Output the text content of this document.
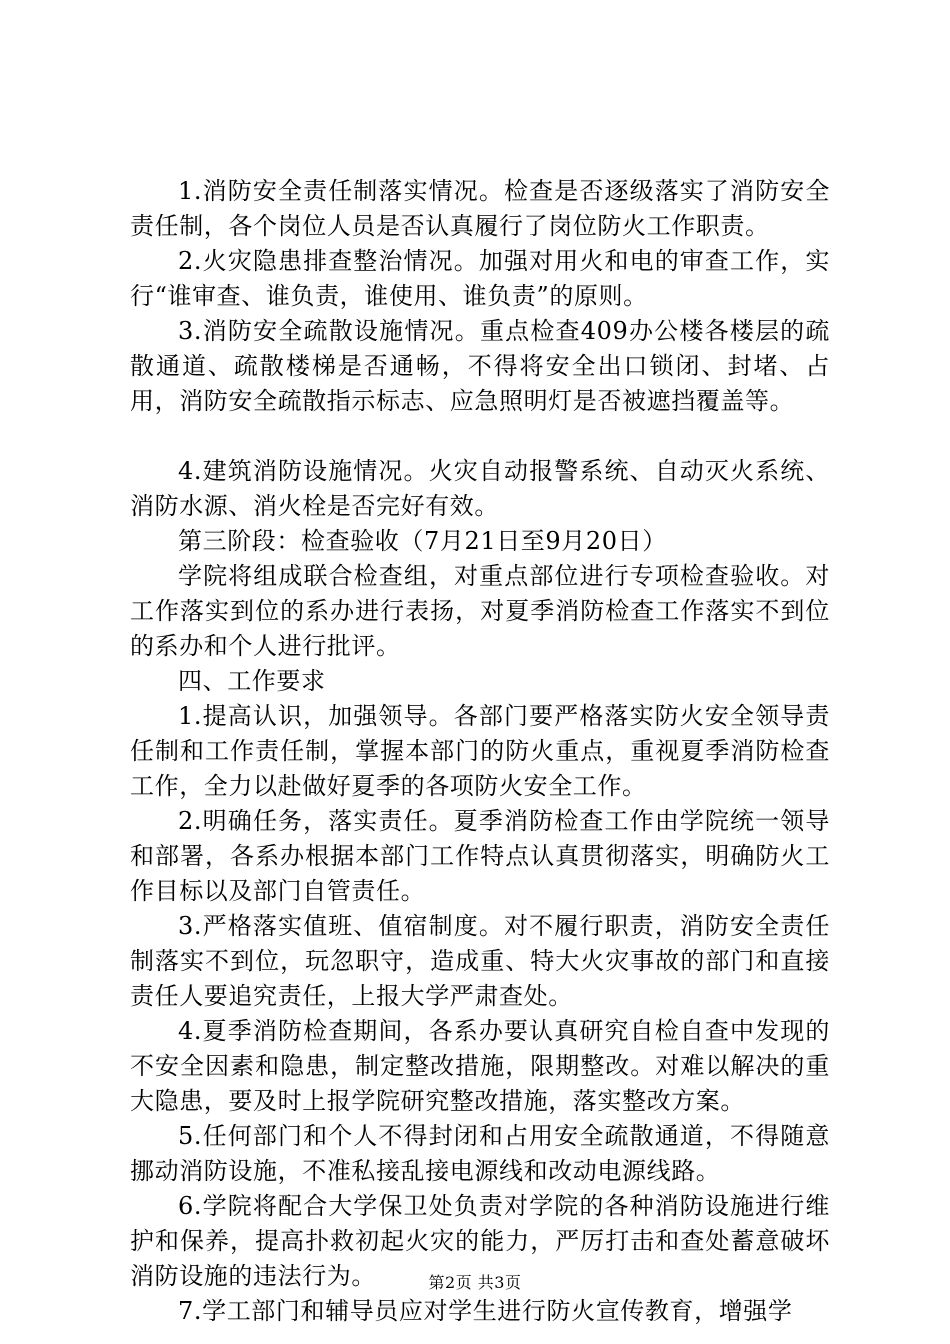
1.消防安全责任制落实情况。检查是否逐级落实了消防安全责任制，各个岗位人员是否认真履行了岗位防火工作职责。

2.火灾隐患排查整治情况。加强对用火和电的审查工作，实行“谁审查、谁负责，谁使用、谁负责”的原则。

3.消防安全疏散设施情况。重点检查409办公楼各楼层的疏散通道、疏散楼梯是否通畅，不得将安全出口锁闭、封堵、占用，消防安全疏散指示标志、应急照明灯是否被遮挡覆盖等。

4.建筑消防设施情况。火灾自动报警系统、自动灭火系统、消防水源、消火栓是否完好有效。

第三阶段：检查验收（7月21日至9月20日）

学院将组成联合检查组，对重点部位进行专项检查验收。对工作落实到位的系办进行表扬，对夏季消防检查工作落实不到位的系办和个人进行批评。

四、工作要求

1.提高认识，加强领导。各部门要严格落实防火安全领导责任制和工作责任制，掌握本部门的防火重点，重视夏季消防检查工作，全力以赴做好夏季的各项防火安全工作。

2.明确任务，落实责任。夏季消防检查工作由学院统一领导和部署，各系办根据本部门工作特点认真贯彻落实，明确防火工作目标以及部门自管责任。

3.严格落实值班、值宿制度。对不履行职责，消防安全责任制落实不到位，玩忽职守，造成重、特大火灾事故的部门和直接责任人要追究责任，上报大学严肃查处。

4.夏季消防检查期间，各系办要认真研究自检自查中发现的不安全因素和隐患，制定整改措施，限期整改。对难以解决的重大隐患，要及时上报学院研究整改措施，落实整改方案。

5.任何部门和个人不得封闭和占用安全疏散通道，不得随意挪动消防设施，不准私接乱接电源线和改动电源线路。

6.学院将配合大学保卫处负责对学院的各种消防设施进行维护和保养，提高扑救初起火灾的能力，严厉打击和查处蓄意破坏消防设施的违法行为。

7.学工部门和辅导员应对学生进行防火宣传教育，增强学

第2页 共3页
